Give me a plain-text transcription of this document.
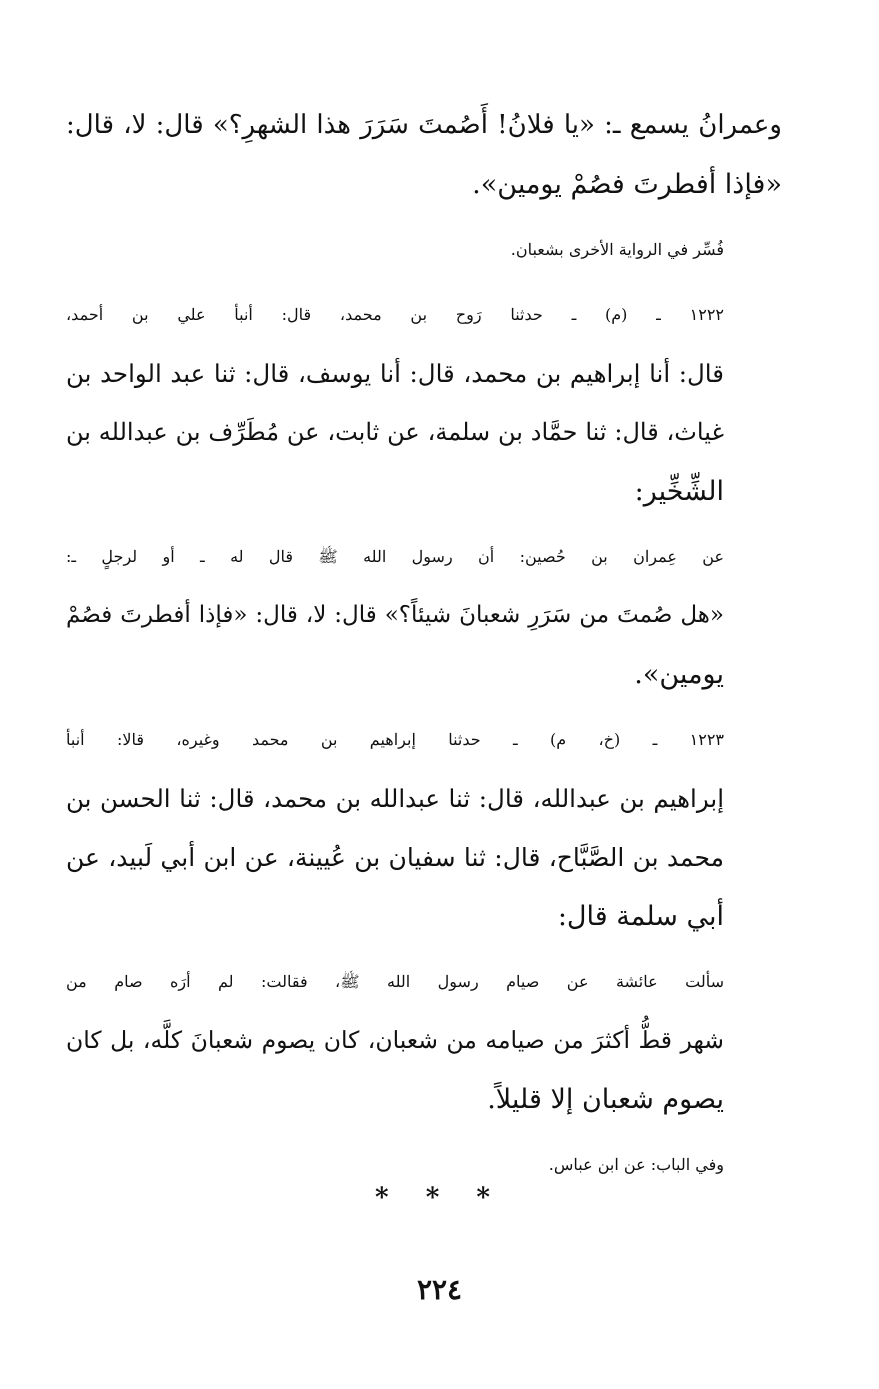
وعمرانُ يسمع ـ: «يا فلانُ! أَصُمتَ سَرَرَ هذا الشهرِ؟» قال: لا، قال:
«فإذا أفطرتَ فصُمْ يومين».

فُسِّر في الرواية الأخرى بشعبان.

١٢٢٢ ـ (م) ـ حدثنا رَوح بن محمد، قال: أنبأ علي بن أحمد،
قال: أنا إبراهيم بن محمد، قال: أنا يوسف، قال: ثنا عبد الواحد بن
غياث، قال: ثنا حمَّاد بن سلمة، عن ثابت، عن مُطَرِّف بن عبدالله بن
الشِّخِّير:

عن عِمران بن حُصين: أن رسول الله ﷺ قال له ـ أو لرجلٍ ـ:
«هل صُمتَ من سَرَرِ شعبانَ شيئاً؟» قال: لا، قال: «فإذا أفطرتَ فصُمْ
يومين».

١٢٢٣ ـ (خ، م) ـ حدثنا إبراهيم بن محمد وغيره، قالا: أنبأ
إبراهيم بن عبدالله، قال: ثنا عبدالله بن محمد، قال: ثنا الحسن بن
محمد بن الصَّبَّاح، قال: ثنا سفيان بن عُيينة، عن ابن أبي لَبيد، عن
أبي سلمة قال:

سألت عائشة عن صيام رسول الله ﷺ، فقالت: لم أرَه صام من
شهر قطُّ أكثرَ من صيامه من شعبان، كان يصوم شعبانَ كلَّه، بل كان
يصوم شعبان إلا قليلاً.

وفي الباب: عن ابن عباس.

* * *
٢٢٤
